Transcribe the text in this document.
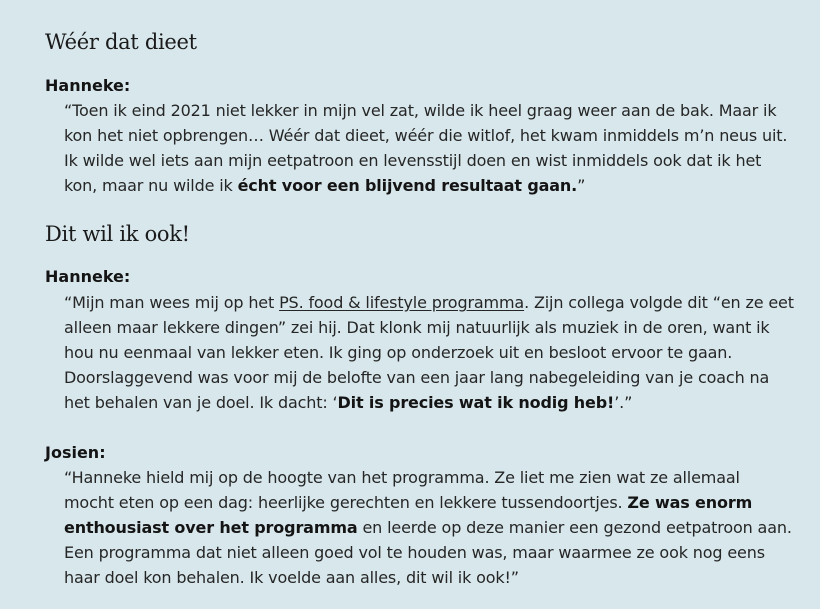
Wéér dat dieet

Hanneke:

“Toen ik eind 2021 niet lekker in mijn vel zat, wilde ik heel graag weer aan de bak. Maar ik
kon het niet opbrengen… Wéér dat dieet, wéér die witlof, het kwam inmiddels m’n neus uit.
Ik wilde wel iets aan mijn eetpatroon en levensstijl doen en wist inmiddels ook dat ik het
kon, maar nu wilde ik écht voor een blijvend resultaat gaan.”

Dit wil ik ook!

Hanneke:

“Mijn man wees mij op het PS. food & lifestyle programma. Zijn collega volgde dit “en ze eet
alleen maar lekkere dingen” zei hij. Dat klonk mij natuurlijk als muziek in de oren, want ik
hou nu eenmaal van lekker eten. Ik ging op onderzoek uit en besloot ervoor te gaan.
Doorslaggevend was voor mij de belofte van een jaar lang nabegeleiding van je coach na
het behalen van je doel. Ik dacht: ‘Dit is precies wat ik nodig heb!’.”

Josien:

“Hanneke hield mij op de hoogte van het programma. Ze liet me zien wat ze allemaal
mocht eten op een dag: heerlijke gerechten en lekkere tussendoortjes. Ze was enorm
enthousiast over het programma en leerde op deze manier een gezond eetpatroon aan.
Een programma dat niet alleen goed vol te houden was, maar waarmee ze ook nog eens
haar doel kon behalen. Ik voelde aan alles, dit wil ik ook!”
